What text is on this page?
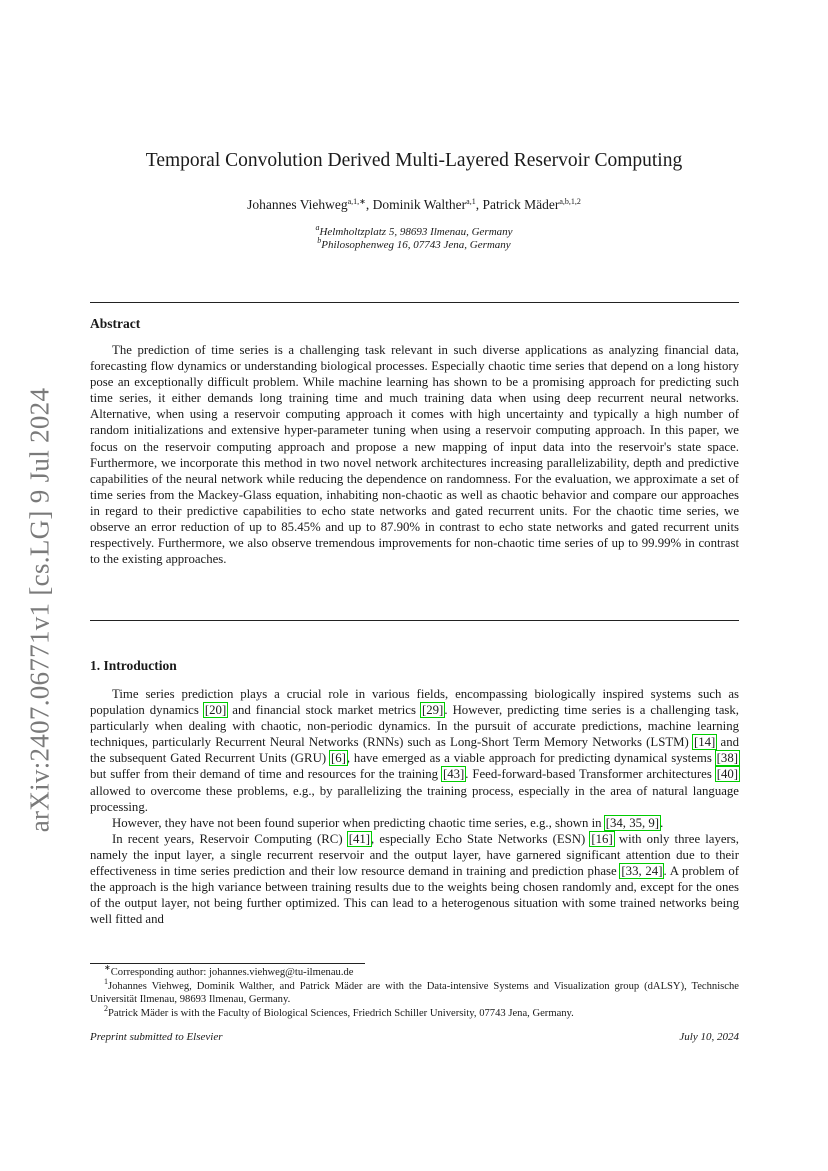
arXiv:2407.06771v1 [cs.LG] 9 Jul 2024
Temporal Convolution Derived Multi-Layered Reservoir Computing
Johannes Viehweg$^{a,1,∗}$, Dominik Walther$^{a,1}$, Patrick Mäder$^{a,b,1,2}$
$^a$Helmholtzplatz 5, 98693 Ilmenau, Germany
$^b$Philosophenweg 16, 07743 Jena, Germany
Abstract

The prediction of time series is a challenging task relevant in such diverse applications as analyzing financial data, forecasting flow dynamics or understanding biological processes. Especially chaotic time series that depend on a long history pose an exceptionally difficult problem. While machine learning has shown to be a promising approach for predicting such time series, it either demands long training time and much training data when using deep recurrent neural networks. Alternative, when using a reservoir computing approach it comes with high uncertainty and typically a high number of random initializations and extensive hyper-parameter tuning when using a reservoir computing approach. In this paper, we focus on the reservoir computing approach and propose a new mapping of input data into the reservoir's state space. Furthermore, we incorporate this method in two novel network architectures increasing parallelizability, depth and predictive capabilities of the neural network while reducing the dependence on randomness. For the evaluation, we approximate a set of time series from the Mackey-Glass equation, inhabiting non-chaotic as well as chaotic behavior and compare our approaches in regard to their predictive capabilities to echo state networks and gated recurrent units. For the chaotic time series, we observe an error reduction of up to 85.45% and up to 87.90% in contrast to echo state networks and gated recurrent units respectively. Furthermore, we also observe tremendous improvements for non-chaotic time series of up to 99.99% in contrast to the existing approaches.

1. Introduction

Time series prediction plays a crucial role in various fields, encompassing biologically inspired systems such as population dynamics [20] and financial stock market metrics [29]. However, predicting time series is a challenging task, particularly when dealing with chaotic, non-periodic dynamics. In the pursuit of accurate predictions, machine learning techniques, particularly Recurrent Neural Networks (RNNs) such as Long-Short Term Memory Networks (LSTM) [14] and the subsequent Gated Recurrent Units (GRU) [6], have emerged as a viable approach for predicting dynamical systems [38] but suffer from their demand of time and resources for the training [43]. Feed-forward-based Transformer architectures [40] allowed to overcome these problems, e.g., by parallelizing the training process, especially in the area of natural language processing.

However, they have not been found superior when predicting chaotic time series, e.g., shown in [34, 35, 9].

In recent years, Reservoir Computing (RC) [41], especially Echo State Networks (ESN) [16] with only three layers, namely the input layer, a single recurrent reservoir and the output layer, have garnered significant attention due to their effectiveness in time series prediction and their low resource demand in training and prediction phase [33, 24]. A problem of the approach is the high variance between training results due to the weights being chosen randomly and, except for the ones of the output layer, not being further optimized. This can lead to a heterogenous situation with some trained networks being well fitted and

∗Corresponding author: johannes.viehweg@tu-ilmenau.de

$^1$Johannes Viehweg, Dominik Walther, and Patrick Mäder are with the Data-intensive Systems and Visualization group (dALSY), Technische Universität Ilmenau, 98693 Ilmenau, Germany.

$^2$Patrick Mäder is with the Faculty of Biological Sciences, Friedrich Schiller University, 07743 Jena, Germany.

Preprint submitted to Elsevier	July 10, 2024
